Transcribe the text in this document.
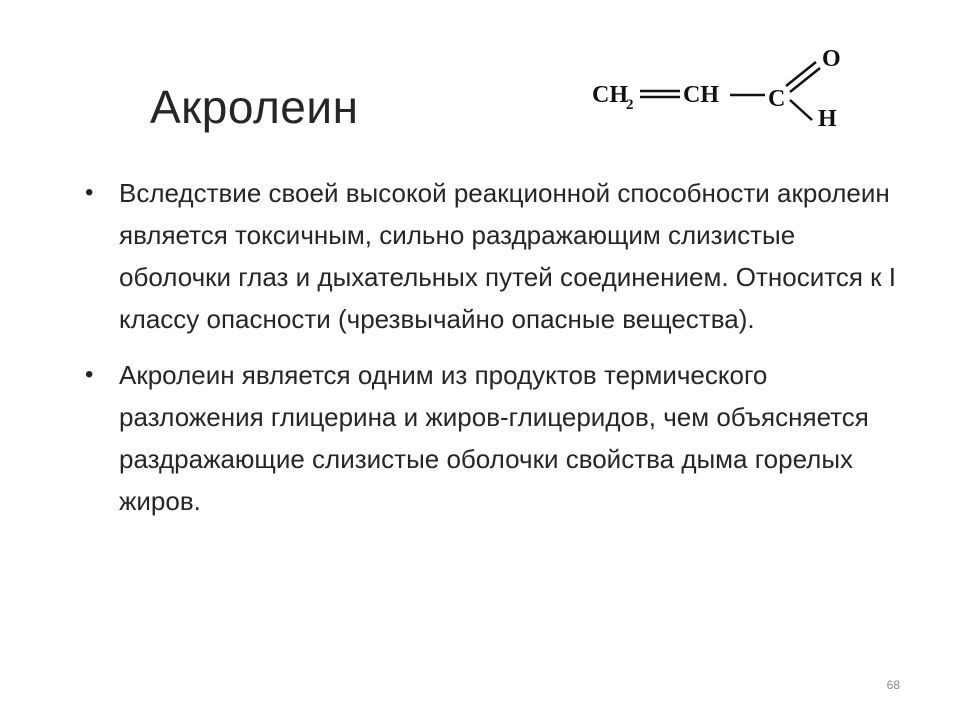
Акролеин	CH
2 CH C
O
H
• Вследствие своей высокой реакционной способности акролеин является токсичным, сильно раздражающим слизистые оболочки глаз и дыхательных путей соединением. Относится к I классу опасности (чрезвычайно опасные вещества).
• Акролеин является одним из продуктов термического разложения глицерина и жиров-глицеридов, чем объясняется раздражающие слизистые оболочки свойства дыма горелых жиров.
68
